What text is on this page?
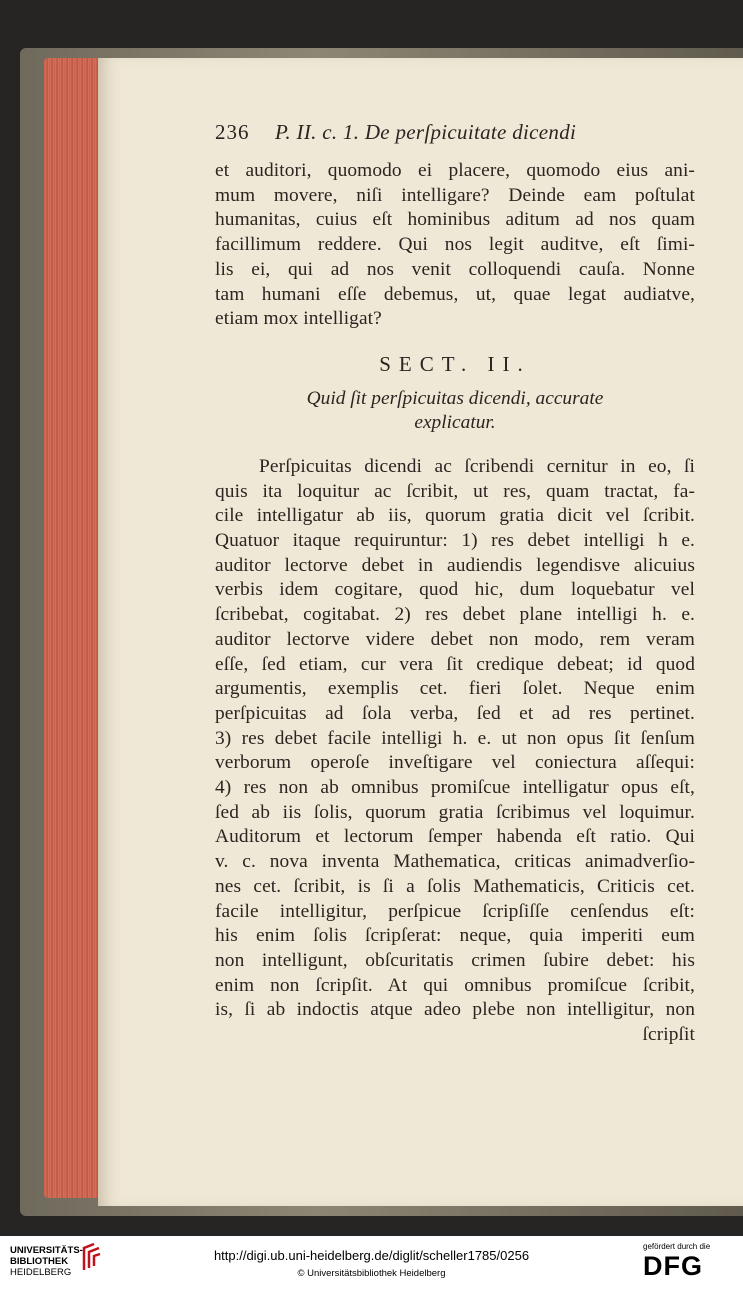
236	P. II. c. 1. De perſpicuitate dicendi
et auditori, quomodo ei placere, quomodo eius ani-
mum movere, niſi intelligare? Deinde eam poſtulat
humanitas, cuius eſt hominibus aditum ad nos quam
facillimum reddere. Qui nos legit auditve, eſt ſimi-
lis ei, qui ad nos venit colloquendi cauſa. Nonne
tam humani eſſe debemus, ut, quae legat audiatve,
etiam mox intelligat?
SECT. II.
Quid ſit perſpicuitas dicendi, accurate
explicatur.
Perſpicuitas dicendi ac ſcribendi cernitur in eo, ſi
quis ita loquitur ac ſcribit, ut res, quam tractat, fa-
cile intelligatur ab iis, quorum gratia dicit vel ſcribit.
Quatuor itaque requiruntur: 1) res debet intelligi h e.
auditor lectorve debet in audiendis legendisve alicuius
verbis idem cogitare, quod hic, dum loquebatur vel
ſcribebat, cogitabat. 2) res debet plane intelligi h. e.
auditor lectorve videre debet non modo, rem veram
eſſe, ſed etiam, cur vera ſit credique debeat; id quod
argumentis, exemplis cet. fieri ſolet. Neque enim
perſpicuitas ad ſola verba, ſed et ad res pertinet.
3) res debet facile intelligi h. e. ut non opus ſit ſenſum
verborum operoſe inveſtigare vel coniectura aſſequi:
4) res non ab omnibus promiſcue intelligatur opus eſt,
ſed ab iis ſolis, quorum gratia ſcribimus vel loquimur.
Auditorum et lectorum ſemper habenda eſt ratio. Qui
v. c. nova inventa Mathematica, criticas animadverſio-
nes cet. ſcribit, is ſi a ſolis Mathematicis, Criticis cet.
facile intelligitur, perſpicue ſcripſiſſe cenſendus eſt:
his enim ſolis ſcripſerat: neque, quia imperiti eum
non intelligunt, obſcuritatis crimen ſubire debet: his
enim non ſcripſit. At qui omnibus promiſcue ſcribit,
is, ſi ab indoctis atque adeo plebe non intelligitur, non
ſcripſit
UNIVERSITÄTS-
BIBLIOTHEK
HEIDELBERG
http://digi.ub.uni-heidelberg.de/diglit/scheller1785/0256
© Universitätsbibliothek Heidelberg
gefördert durch die
DFG
